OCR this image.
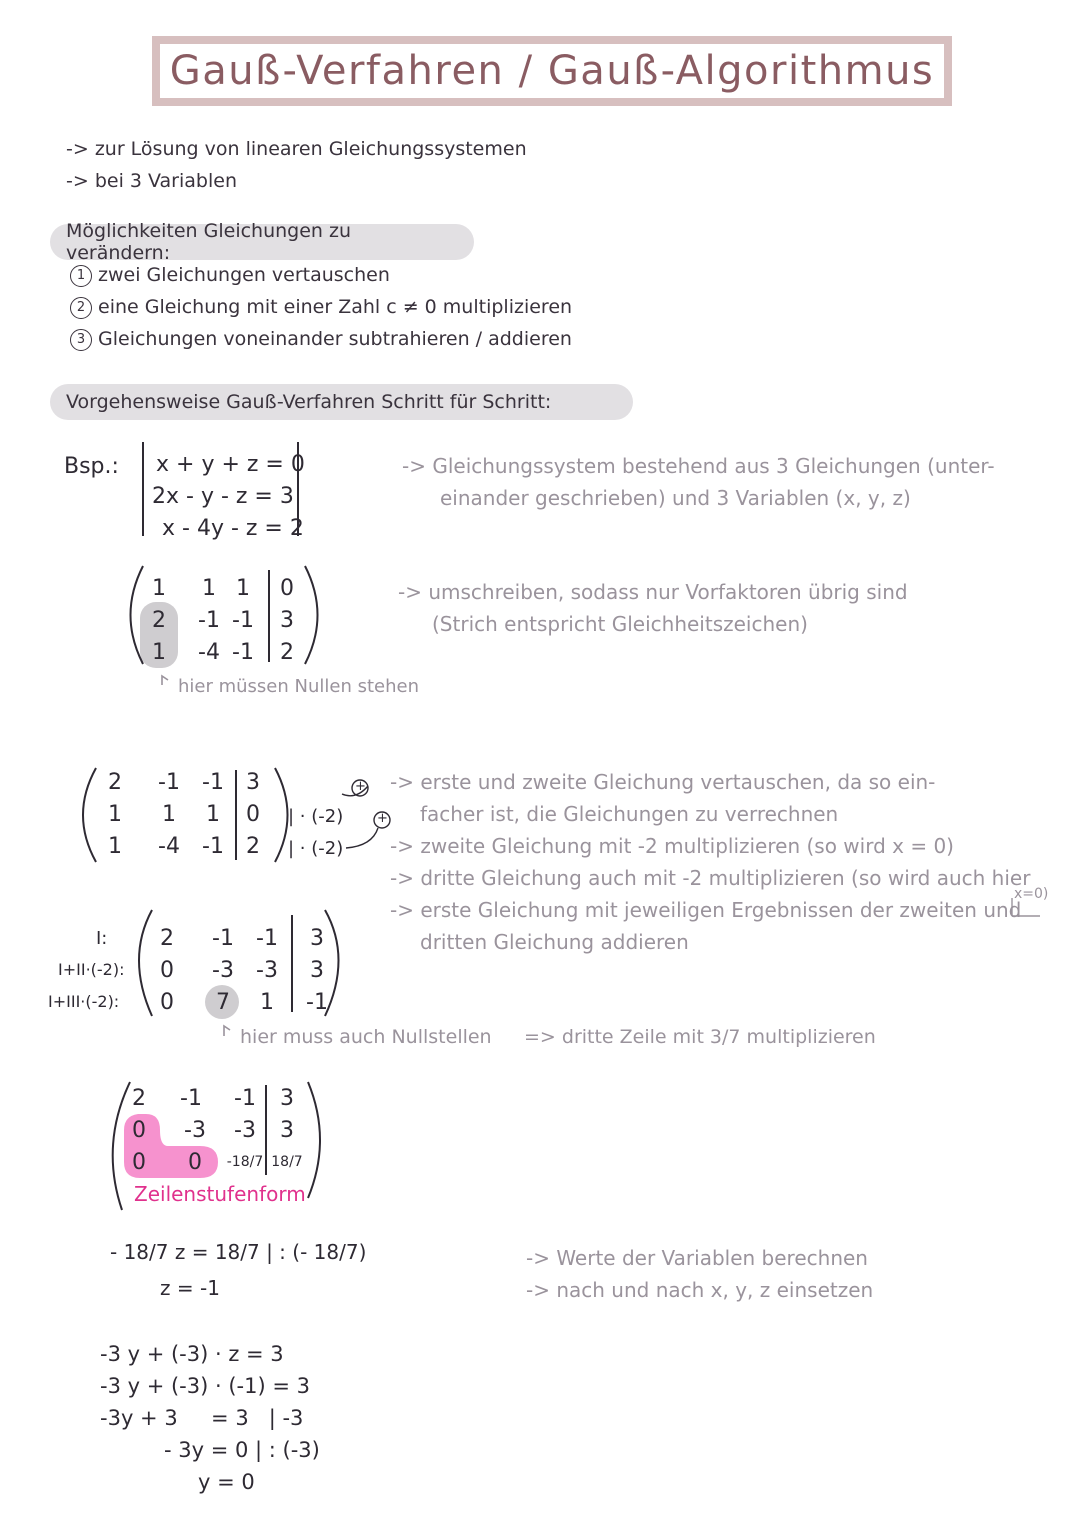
Gauß-Verfahren / Gauß-Algorithmus
-> zur Lösung von linearen Gleichungssystemen
-> bei 3 Variablen
Möglichkeiten Gleichungen zu verändern:
1 zwei Gleichungen vertauschen
2 eine Gleichung mit einer Zahl c ≠ 0 multiplizieren
3 Gleichungen voneinander subtrahieren / addieren
Vorgehensweise Gauß-Verfahren Schritt für Schritt:
Bsp.: x + y + z = 0
2x - y - z = 3
x - 4y - z = 2
-> Gleichungssystem bestehend aus 3 Gleichungen (unter-
einander geschrieben) und 3 Variablen (x, y, z)
1	1 1	0
2	-1 -1	3
1	-4 -1	2
-> umschreiben, sodass nur Vorfaktoren übrig sind
(Strich entspricht Gleichheitszeichen)
hier müssen Nullen stehen
2	-1 -1	3
1	1	1	0
1	-4 -1	2
| · (-2)
| · (-2)
+
+
-> erste und zweite Gleichung vertauschen, da so ein-
facher ist, die Gleichungen zu verrechnen
-> zweite Gleichung mit -2 multiplizieren (so wird x = 0)
-> dritte Gleichung auch mit -2 multiplizieren (so wird auch hier
-> erste Gleichung mit jeweiligen Ergebnissen der zweiten und
dritten Gleichung addieren
x=0)
I:
I+II·(-2):
I+III·(-2):
2	-1 -1	3
0	-3 -3	3
0	7	1	-1
hier muss auch Nullstellen => dritte Zeile mit 3/7 multiplizieren
2	-1 -1	3
0	-3 -3	3
0	0	-18/7 18/7
Zeilenstufenform
- 18/7 z = 18/7 | : (- 18/7)
z = -1
-> Werte der Variablen berechnen
-> nach und nach x, y, z einsetzen
-3 y + (-3) · z = 3
-3 y + (-3) · (-1) = 3
-3y + 3     = 3   | -3
- 3y = 0 | : (-3)
y = 0
